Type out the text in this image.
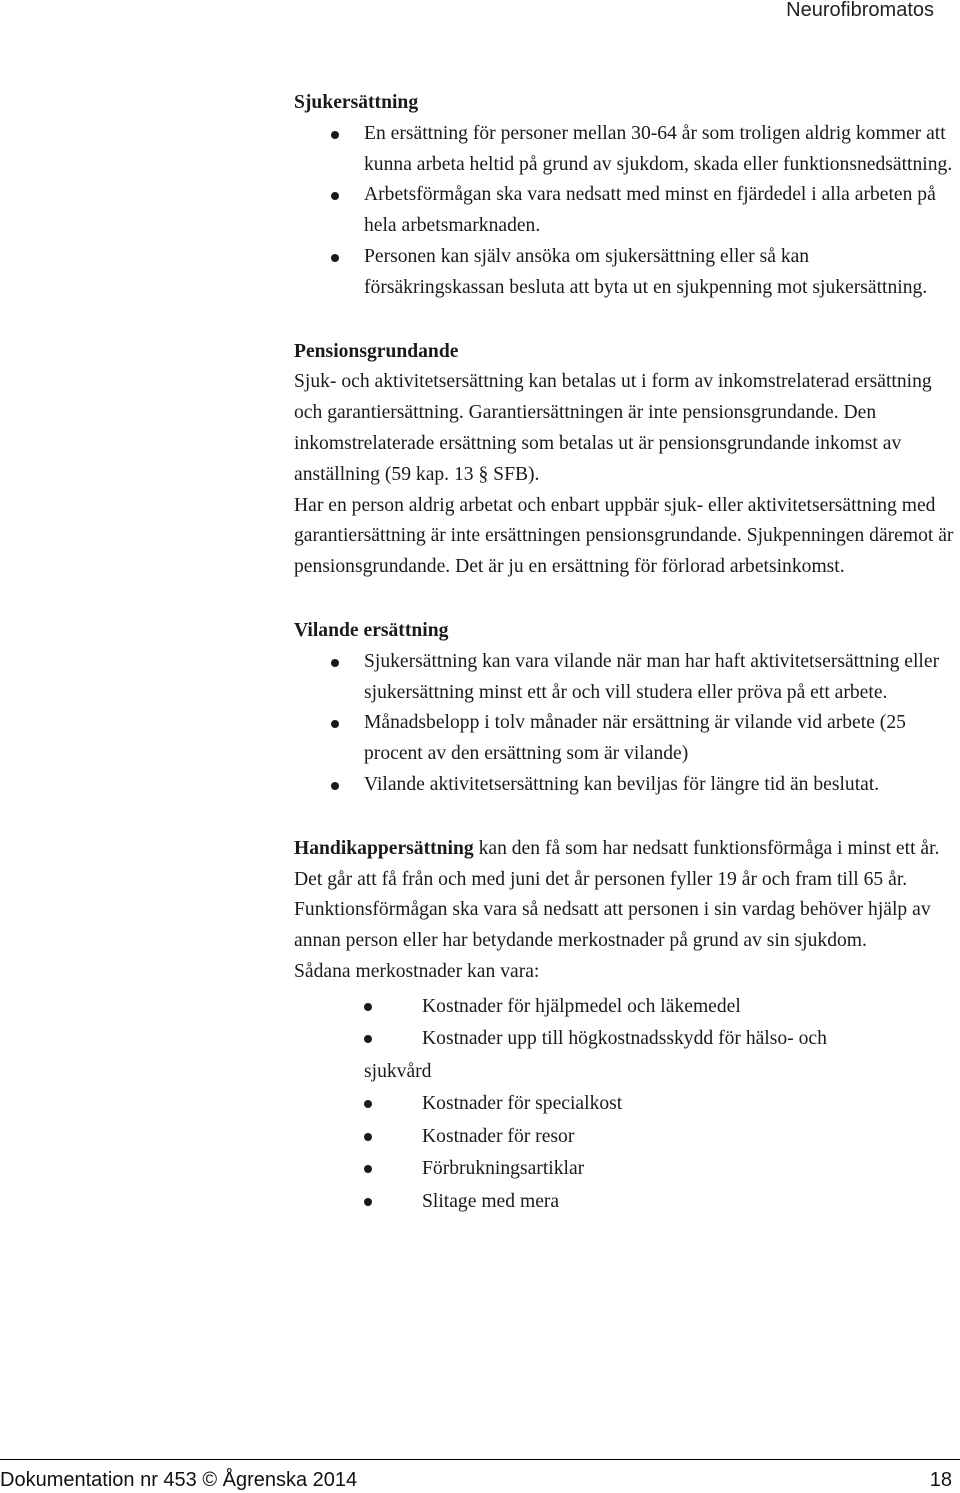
Neurofibromatos

Sjukersättning

En ersättning för personer mellan 30-64 år som troligen aldrig kommer att kunna arbeta heltid på grund av sjukdom, skada eller funktionsnedsättning.
Arbetsförmågan ska vara nedsatt med minst en fjärdedel i alla arbeten på hela arbetsmarknaden.
Personen kan själv ansöka om sjukersättning eller så kan försäkringskassan besluta att byta ut en sjukpenning mot sjukersättning.

Pensionsgrundande

Sjuk- och aktivitetsersättning kan betalas ut i form av inkomstrelaterad ersättning och garantiersättning. Garantiersättningen är inte pensionsgrundande. Den inkomstrelaterade ersättning som betalas ut är pensionsgrundande inkomst av anställning (59 kap. 13 § SFB).

Har en person aldrig arbetat och enbart uppbär sjuk- eller aktivitetsersättning med garantiersättning är inte ersättningen pensionsgrundande. Sjukpenningen däremot är pensionsgrundande. Det är ju en ersättning för förlorad arbetsinkomst.

Vilande ersättning

Sjukersättning kan vara vilande när man har haft aktivitetsersättning eller sjukersättning minst ett år och vill studera eller pröva på ett arbete.
Månadsbelopp i tolv månader när ersättning är vilande vid arbete (25 procent av den ersättning som är vilande)
Vilande aktivitetsersättning kan beviljas för längre tid än beslutat.

Handikappersättning kan den få som har nedsatt funktionsförmåga i minst ett år. Det går att få från och med juni det år personen fyller 19 år och fram till 65 år. Funktionsförmågan ska vara så nedsatt att personen i sin vardag behöver hjälp av annan person eller har betydande merkostnader på grund av sin sjukdom.

Sådana merkostnader kan vara:

Kostnader för hjälpmedel och läkemedel
Kostnader upp till högkostnadsskydd för hälso- och
sjukvård
Kostnader för specialkost
Kostnader för resor
Förbrukningsartiklar
Slitage med mera
Dokumentation nr 453 © Ågrenska 2014	18
